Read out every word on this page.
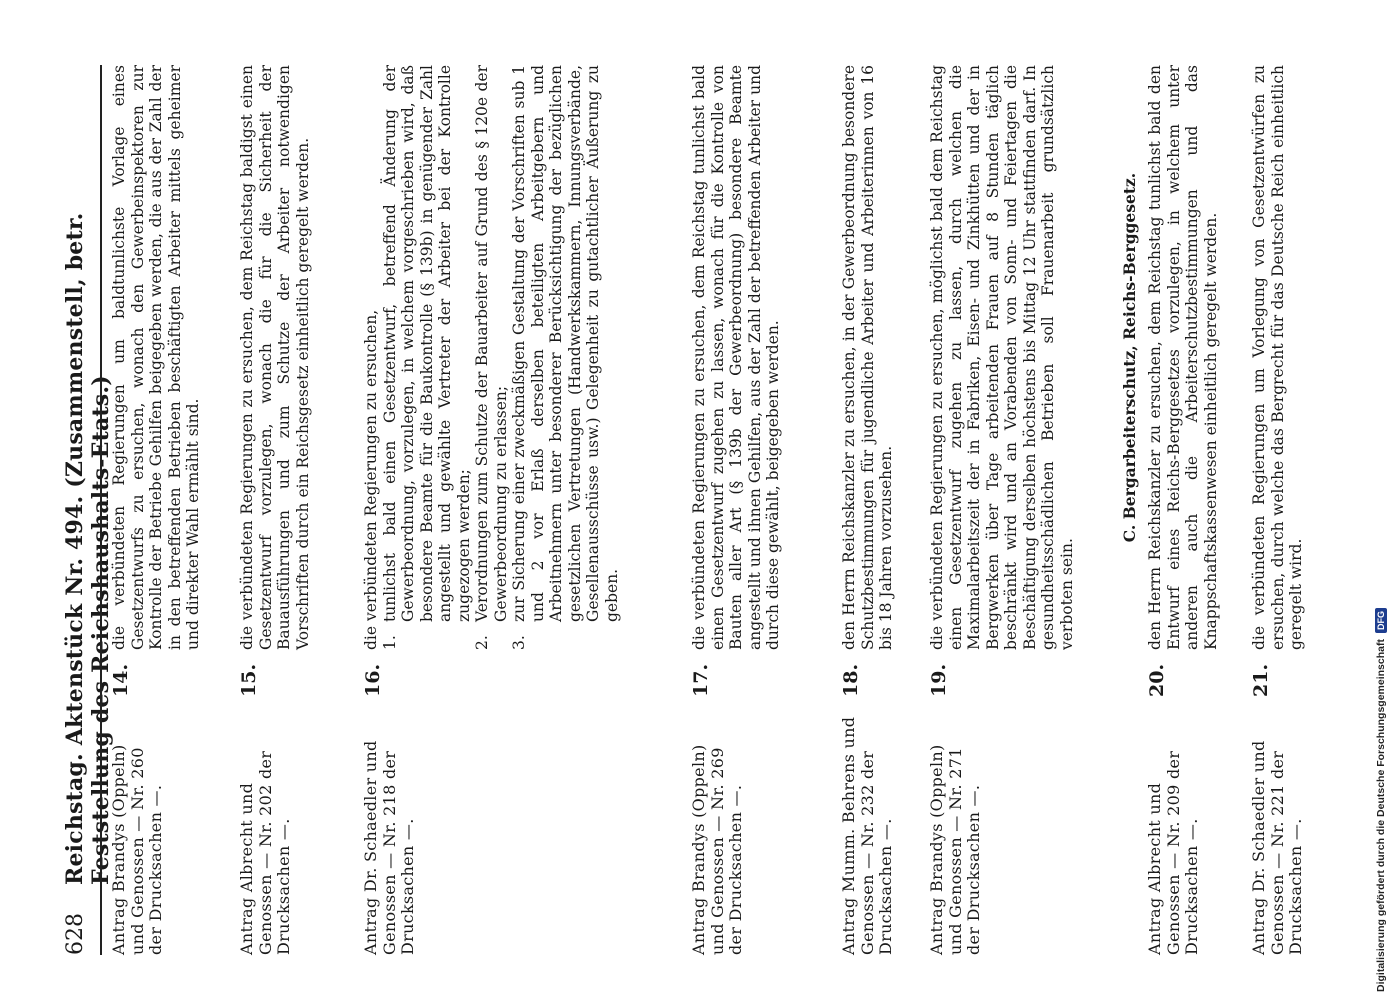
628
Reichstag. Aktenstück Nr. 494. (Zusammenstell, betr. Feststellung des Reichshaushalts-Etats.)
Antrag Brandys (Oppeln) und Genossen — Nr. 260 der Drucksachen —.
14.
die verbündeten Regierungen um baldtunlichste Vorlage eines Gesetzentwurfs zu ersuchen, wonach den Gewerbeinspektoren zur Kontrolle der Betriebe Gehilfen beigegeben werden, die aus der Zahl der in den betreffenden Betrieben beschäftigten Arbeiter mittels geheimer und direkter Wahl ermählt sind.
Antrag Albrecht und Genossen — Nr. 202 der Drucksachen —.
15.
die verbündeten Regierungen zu ersuchen, dem Reichstag baldigst einen Gesetzentwurf vorzulegen, wonach die für die Sicherheit der Bauausführungen und zum Schutze der Arbeiter notwendigen Vorschriften durch ein Reichsgesetz einheitlich geregelt werden.
Antrag Dr. Schaedler und Genossen — Nr. 218 der Drucksachen —.
16.

die verbündeten Regierungen zu ersuchen, 1.
tunlichst bald einen Gesetzentwurf, betreffend Änderung der Gewerbeordnung, vorzulegen, in welchem vorgeschrieben wird, daß besondere Beamte für die Baukontrolle (§ 139b) in genügender Zahl angestellt und gewählte Vertreter der Arbeiter bei der Kontrolle zugezogen werden;
2.
Verordnungen zum Schutze der Bauarbeiter auf Grund des § 120e der Gewerbeordnung zu erlassen;
3.
zur Sicherung einer zweckmäßigen Gestaltung der Vorschriften sub 1 und 2 vor Erlaß derselben beteiligten Arbeitgebern und Arbeitnehmern unter besonderer Berücksichtigung der bezüglichen gesetzlichen Vertretungen (Handwerkskammern, Innungsverbände, Gesellenausschüsse usw.) Gelegenheit zu gutachtlicher Äußerung zu geben.
Antrag Brandys (Oppeln) und Genossen — Nr. 269 der Drucksachen —.
17.
die verbündeten Regierungen zu ersuchen, dem Reichstag tunlichst bald einen Gesetzentwurf zugehen zu lassen, wonach für die Kontrolle von Bauten aller Art (§ 139b der Gewerbeordnung) besondere Beamte angestellt und ihnen Gehilfen, aus der Zahl der betreffenden Arbeiter und durch diese gewählt, beigegeben werden.
Antrag Mumm. Behrens und Genossen — Nr. 232 der Drucksachen —.
18.
den Herrn Reichskanzler zu ersuchen, in der Gewerbeordnung besondere Schutzbestimmungen für jugendliche Arbeiter und Arbeiterinnen von 16 bis 18 Jahren vorzusehen.
Antrag Brandys (Oppeln) und Genossen — Nr. 271 der Drucksachen —.
19.
die verbündeten Regierungen zu ersuchen, möglichst bald dem Reichstag einen Gesetzentwurf zugehen zu lassen, durch welchen die Maximalarbeitszeit der in Fabriken, Eisen- und Zinkhütten und der in Bergwerken über Tage arbeitenden Frauen auf 8 Stunden täglich beschränkt wird und an Vorabenden von Sonn- und Feiertagen die Beschäftigung derselben höchstens bis Mittag 12 Uhr stattfinden darf. In gesundheitsschädlichen Betrieben soll Frauenarbeit grundsätzlich verboten sein.
C. Bergarbeiterschutz, Reichs-Berggesetz.
Antrag Albrecht und Genossen — Nr. 209 der Drucksachen —.
20.
den Herrn Reichskanzler zu ersuchen, dem Reichstag tunlichst bald den Entwurf eines Reichs-Berggesetzes vorzulegen, in welchem unter anderen auch die Arbeiterschutzbestimmungen und das Knappschaftskassenwesen einheitlich geregelt werden.
Antrag Dr. Schaedler und Genossen — Nr. 221 der Drucksachen —.
21.
die verbündeten Regierungen um Vorlegung von Gesetzentwürfen zu ersuchen, durch welche das Bergrecht für das Deutsche Reich einheitlich geregelt wird.
Digitalisierung gefördert durch die Deutsche Forschungsgemeinschaft
DFG
